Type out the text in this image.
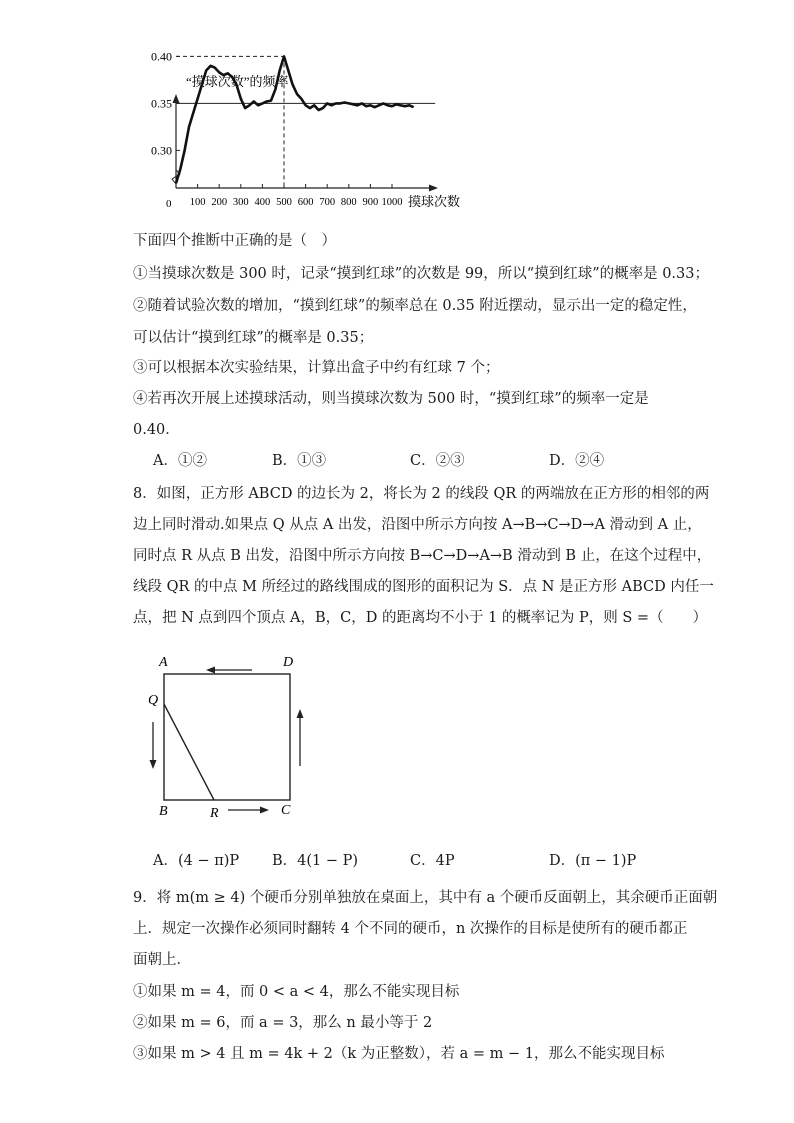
“摸球次数”的频率
100 200 300 400 500 600 700 800 900 1000
0.30
0.35
0.40
摸球次数
0
下面四个推断中正确的是（　）
①当摸球次数是 300 时，记录“摸到红球”的次数是 99，所以“摸到红球”的概率是 0.33；
②随着试验次数的增加，“摸到红球”的频率总在 0.35 附近摆动，显示出一定的稳定性，
可以估计“摸到红球”的概率是 0.35；
③可以根据本次实验结果，计算出盒子中约有红球 7 个；
④若再次开展上述摸球活动，则当摸球次数为 500 时，“摸到红球”的频率一定是
0.40．
A．①②	B．①③	C．②③	D．②④
8．如图，正方形 ABCD 的边长为 2，将长为 2 的线段 QR 的两端放在正方形的相邻的两
边上同时滑动.如果点 Q 从点 A 出发，沿图中所示方向按 A→B→C→D→A 滑动到 A 止，
同时点 R 从点 B 出发，沿图中所示方向按 B→C→D→A→B 滑动到 B 止，在这个过程中，
线段 QR 的中点 M 所经过的路线围成的图形的面积记为 S．点 N 是正方形 ABCD 内任一
点，把 N 点到四个顶点 A，B，C，D 的距离均不小于 1 的概率记为 P，则 S =（　　）
A	D
Q
B	R	C
A．(4 − π)P B．4(1 − P)	C．4P	D．(π − 1)P
9．将 m(m ≥ 4) 个硬币分别单独放在桌面上，其中有 a 个硬币反面朝上，其余硬币正面朝
上．规定一次操作必须同时翻转 4 个不同的硬币，n 次操作的目标是使所有的硬币都正
面朝上．
①如果 m = 4，而 0 < a < 4，那么不能实现目标
②如果 m = 6，而 a = 3，那么 n 最小等于 2
③如果 m > 4 且 m = 4k + 2（k 为正整数），若 a = m − 1，那么不能实现目标
